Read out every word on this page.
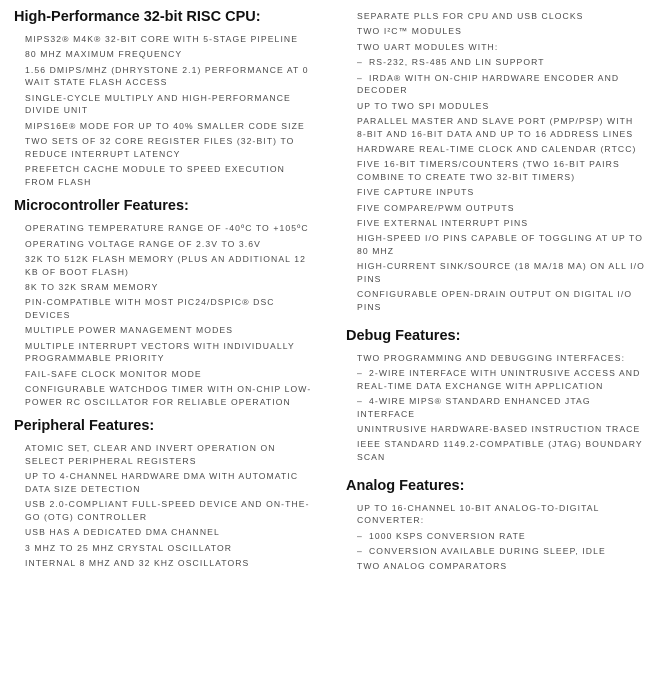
High-Performance 32-bit RISC CPU:
MIPS32® M4K® 32-BIT CORE WITH 5-STAGE PIPELINE
80 MHZ MAXIMUM FREQUENCY
1.56 DMIPS/MHZ (DHRYSTONE 2.1) PERFORMANCE AT 0 WAIT STATE FLASH ACCESS
SINGLE-CYCLE MULTIPLY AND HIGH-PERFORMANCE DIVIDE UNIT
MIPS16E® MODE FOR UP TO 40% SMALLER CODE SIZE
TWO SETS OF 32 CORE REGISTER FILES (32-BIT) TO REDUCE INTERRUPT LATENCY
PREFETCH CACHE MODULE TO SPEED EXECUTION FROM FLASH
Microcontroller Features:
OPERATING TEMPERATURE RANGE OF -40ºC TO +105ºC
OPERATING VOLTAGE RANGE OF 2.3V TO 3.6V
32K TO 512K FLASH MEMORY (PLUS AN ADDITIONAL 12 KB OF BOOT FLASH)
8K TO 32K SRAM MEMORY
PIN-COMPATIBLE WITH MOST PIC24/DSPIC® DSC DEVICES
MULTIPLE POWER MANAGEMENT MODES
MULTIPLE INTERRUPT VECTORS WITH INDIVIDUALLY PROGRAMMABLE PRIORITY
FAIL-SAFE CLOCK MONITOR MODE
CONFIGURABLE WATCHDOG TIMER WITH ON-CHIP LOW-POWER RC OSCILLATOR FOR RELIABLE OPERATION
Peripheral Features:
ATOMIC SET, CLEAR AND INVERT OPERATION ON SELECT PERIPHERAL REGISTERS
UP TO 4-CHANNEL HARDWARE DMA WITH AUTOMATIC DATA SIZE DETECTION
USB 2.0-COMPLIANT FULL-SPEED DEVICE AND ON-THE-GO (OTG) CONTROLLER
USB HAS A DEDICATED DMA CHANNEL
3 MHZ TO 25 MHZ CRYSTAL OSCILLATOR
INTERNAL 8 MHZ AND 32 KHZ OSCILLATORS
SEPARATE PLLS FOR CPU AND USB CLOCKS
TWO I²C™ MODULES
TWO UART MODULES WITH:
– RS-232, RS-485 AND LIN SUPPORT
– IRDA® WITH ON-CHIP HARDWARE ENCODER AND DECODER
UP TO TWO SPI MODULES
PARALLEL MASTER AND SLAVE PORT (PMP/PSP) WITH 8-BIT AND 16-BIT DATA AND UP TO 16 ADDRESS LINES
HARDWARE REAL-TIME CLOCK AND CALENDAR (RTCC)
FIVE 16-BIT TIMERS/COUNTERS (TWO 16-BIT PAIRS COMBINE TO CREATE TWO 32-BIT TIMERS)
FIVE CAPTURE INPUTS
FIVE COMPARE/PWM OUTPUTS
FIVE EXTERNAL INTERRUPT PINS
HIGH-SPEED I/O PINS CAPABLE OF TOGGLING AT UP TO 80 MHZ
HIGH-CURRENT SINK/SOURCE (18 MA/18 MA) ON ALL I/O PINS
CONFIGURABLE OPEN-DRAIN OUTPUT ON DIGITAL I/O PINS
Debug Features:
TWO PROGRAMMING AND DEBUGGING INTERFACES:
– 2-WIRE INTERFACE WITH UNINTRUSIVE ACCESS AND REAL-TIME DATA EXCHANGE WITH APPLICATION
– 4-WIRE MIPS® STANDARD ENHANCED JTAG INTERFACE
UNINTRUSIVE HARDWARE-BASED INSTRUCTION TRACE
IEEE STANDARD 1149.2-COMPATIBLE (JTAG) BOUNDARY SCAN
Analog Features:
UP TO 16-CHANNEL 10-BIT ANALOG-TO-DIGITAL CONVERTER:
– 1000 KSPS CONVERSION RATE
– CONVERSION AVAILABLE DURING SLEEP, IDLE
TWO ANALOG COMPARATORS
